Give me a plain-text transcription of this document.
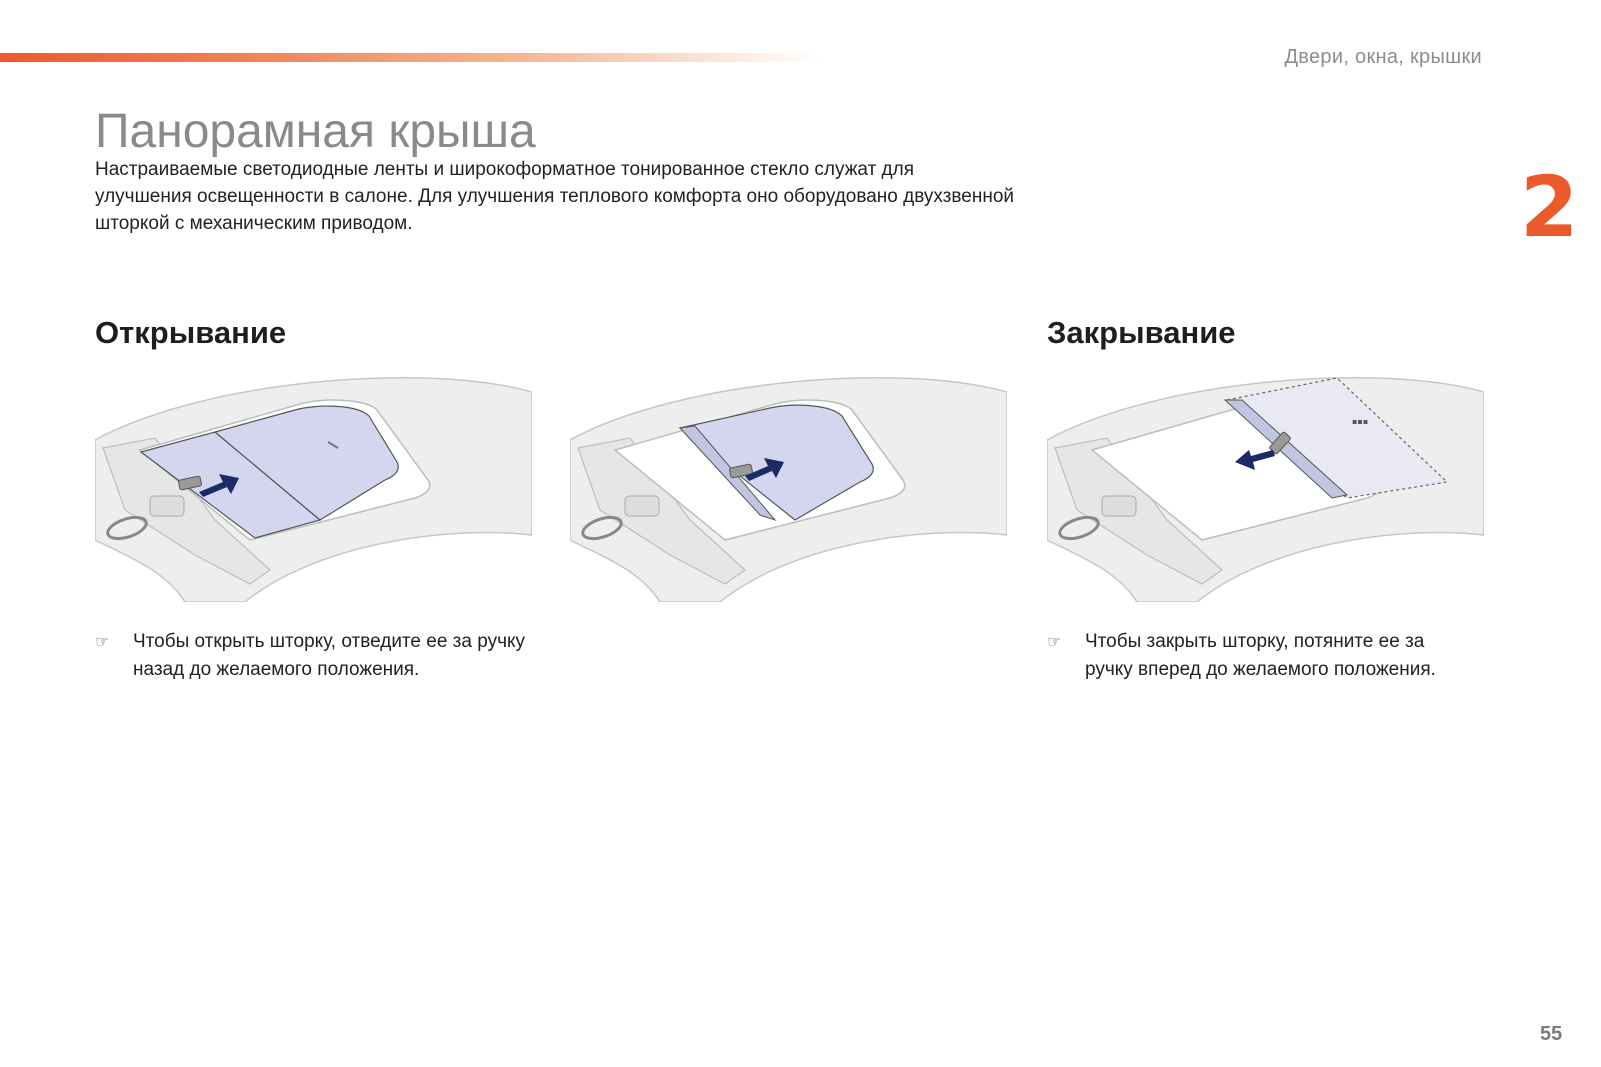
Двери, окна, крышки
2
Панорамная крыша

Настраиваемые светодиодные ленты и широкоформатное тонированное стекло служат для улучшения освещенности в салоне. Для улучшения теплового комфорта оно оборудовано двухзвенной шторкой с механическим приводом.

Открывание	Закрывание
▪▪▪
☞ Чтобы открыть шторку, отведите ее за ручку назад до желаемого положения.
☞ Чтобы закрыть шторку, потяните ее за ручку вперед до желаемого положения.
55
